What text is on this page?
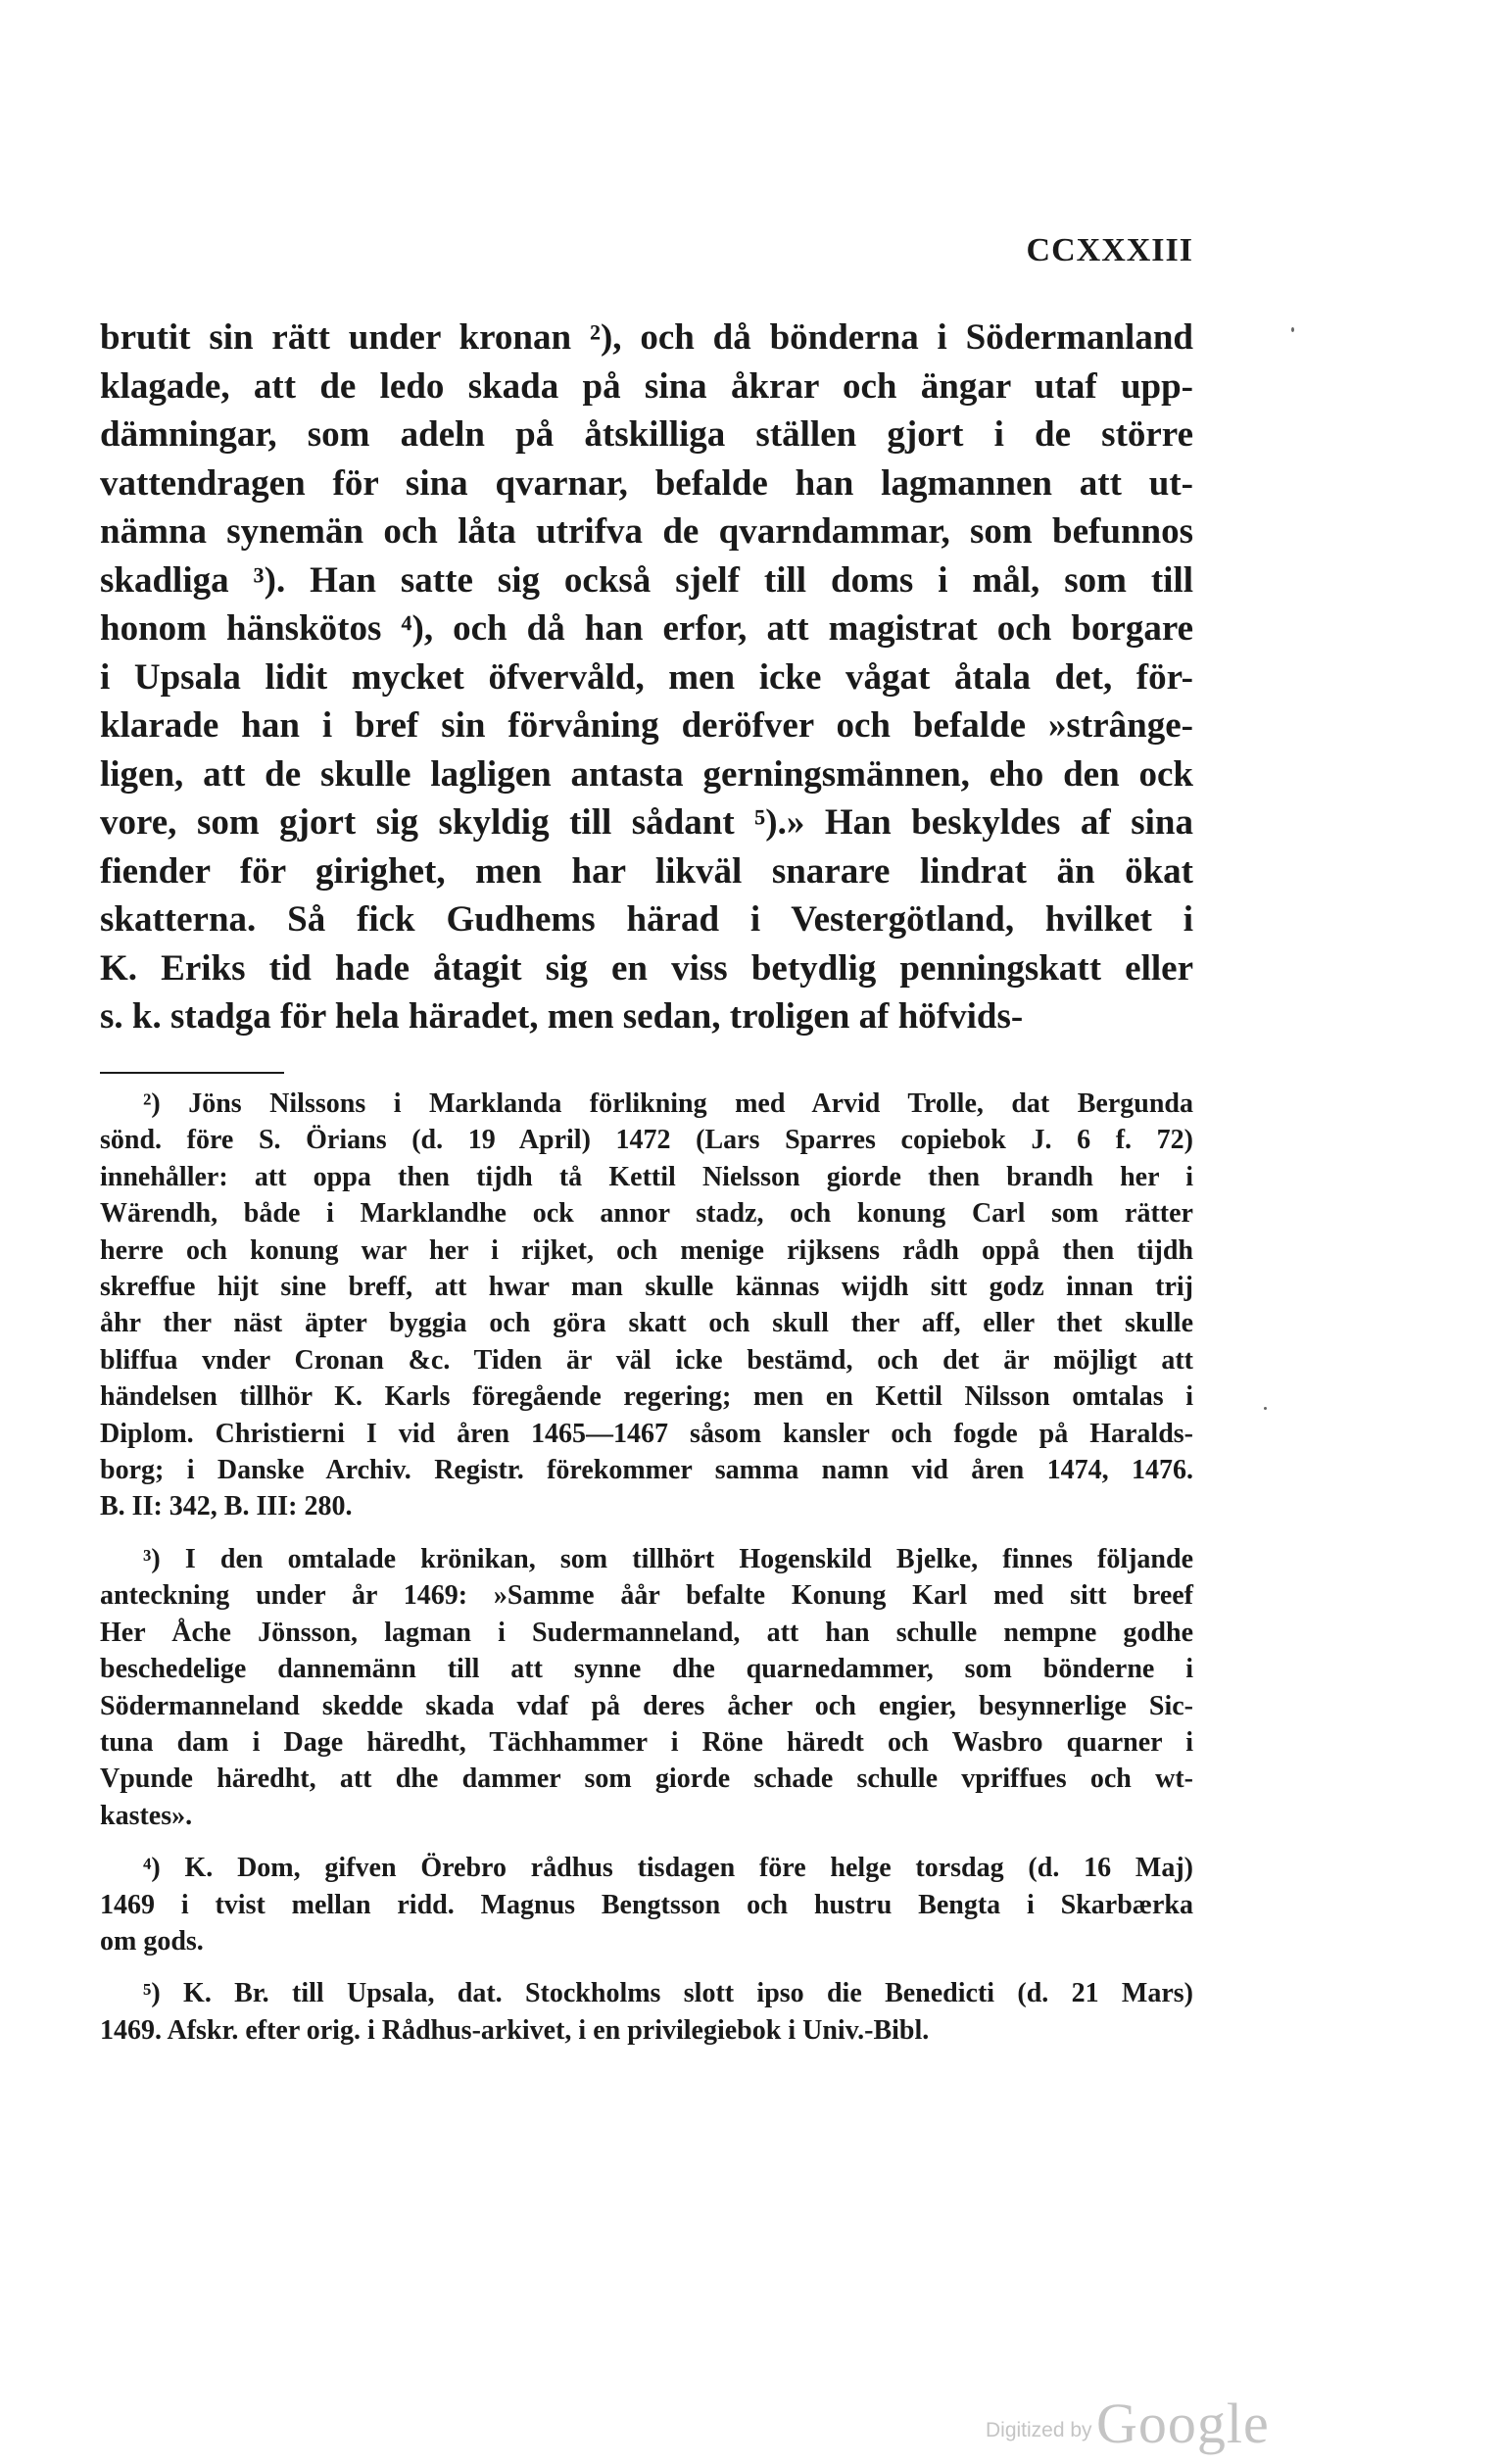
CCXXXIII
brutit sin rätt under kronan ²), och då bönderna i Södermanland
klagade, att de ledo skada på sina åkrar och ängar utaf upp-
dämningar, som adeln på åtskilliga ställen gjort i de större
vattendragen för sina qvarnar, befalde han lagmannen att ut-
nämna synemän och låta utrifva de qvarndammar, som befunnos
skadliga ³). Han satte sig också sjelf till doms i mål, som till
honom hänskötos ⁴), och då han erfor, att magistrat och borgare
i Upsala lidit mycket öfvervåld, men icke vågat åtala det, för-
klarade han i bref sin förvåning deröfver och befalde »strânge-
ligen, att de skulle lagligen antasta gerningsmännen, eho den ock
vore, som gjort sig skyldig till sådant ⁵).» Han beskyldes af sina
fiender för girighet, men har likväl snarare lindrat än ökat
skatterna. Så fick Gudhems härad i Vestergötland, hvilket i
K. Eriks tid hade åtagit sig en viss betydlig penningskatt eller
s. k. stadga för hela häradet, men sedan, troligen af höfvids-
²) Jöns Nilssons i Marklanda förlikning med Arvid Trolle, dat Bergunda
sönd. före S. Örians (d. 19 April) 1472 (Lars Sparres copiebok J. 6 f. 72)
innehåller: att oppa then tijdh tå Kettil Nielsson giorde then brandh her i
Wärendh, både i Marklandhe ock annor stadz, och konung Carl som rätter
herre och konung war her i rijket, och menige rijksens rådh oppå then tijdh
skreffue hijt sine breff, att hwar man skulle kännas wijdh sitt godz innan trij
åhr ther näst äpter byggia och göra skatt och skull ther aff, eller thet skulle
bliffua vnder Cronan &c. Tiden är väl icke bestämd, och det är möjligt att
händelsen tillhör K. Karls föregående regering; men en Kettil Nilsson omtalas i
Diplom. Christierni I vid åren 1465—1467 såsom kansler och fogde på Haralds-
borg; i Danske Archiv. Registr. förekommer samma namn vid åren 1474, 1476.
B. II: 342, B. III: 280.
³) I den omtalade krönikan, som tillhört Hogenskild Bjelke, finnes följande
anteckning under år 1469: »Samme åår befalte Konung Karl med sitt breef
Her Åche Jönsson, lagman i Sudermanneland, att han schulle nempne godhe
beschedelige dannemänn till att synne dhe quarnedammer, som bönderne i
Södermanneland skedde skada vdaf på deres åcher och engier, besynnerlige Sic-
tuna dam i Dage häredht, Tächhammer i Röne häredt och Wasbro quarner i
Vpunde häredht, att dhe dammer som giorde schade schulle vpriffues och wt-
kastes».
⁴) K. Dom, gifven Örebro rådhus tisdagen före helge torsdag (d. 16 Maj)
1469 i tvist mellan ridd. Magnus Bengtsson och hustru Bengta i Skarbærka
om gods.
⁵) K. Br. till Upsala, dat. Stockholms slott ipso die Benedicti (d. 21 Mars)
1469. Afskr. efter orig. i Rådhus-arkivet, i en privilegiebok i Univ.-Bibl.
Digitized by Google
